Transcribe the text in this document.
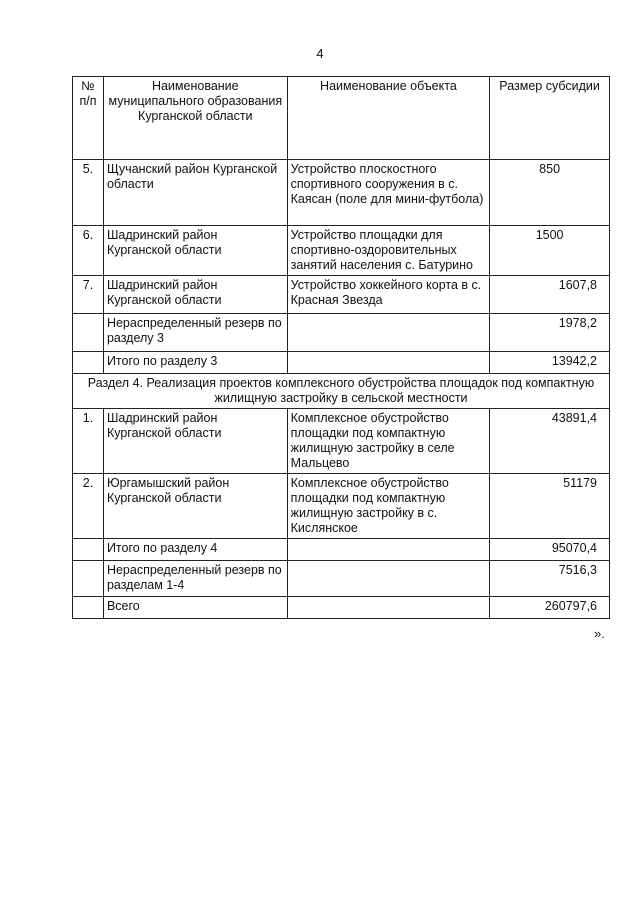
4
№ п/п	Наименование муниципального образования Курганской области	Наименование объекта	Размер субсидии
5.	Щучанский район Курганской области	Устройство плоскостного спортивного сооружения в с. Каясан (поле для мини-футбола)	850
6.	Шадринский район Курганской области	Устройство площадки для спортивно-оздоровительных занятий населения с. Батурино	1500
7.	Шадринский район Курганской области	Устройство хоккейного корта в с. Красная Звезда	1607,8
	Нераспределенный резерв по разделу 3		1978,2
	Итого по разделу 3		13942,2
Раздел 4. Реализация проектов комплексного обустройства площадок под компактную жилищную застройку в сельской местности			
1.	Шадринский район Курганской области	Комплексное обустройство площадки под компактную жилищную застройку в селе Мальцево	43891,4
2.	Юргамышский район Курганской области	Комплексное обустройство площадки под компактную жилищную застройку в с. Кислянское	51179
	Итого по разделу 4		95070,4
	Нераспределенный резерв по разделам 1-4		7516,3
	Всего		260797,6
».
